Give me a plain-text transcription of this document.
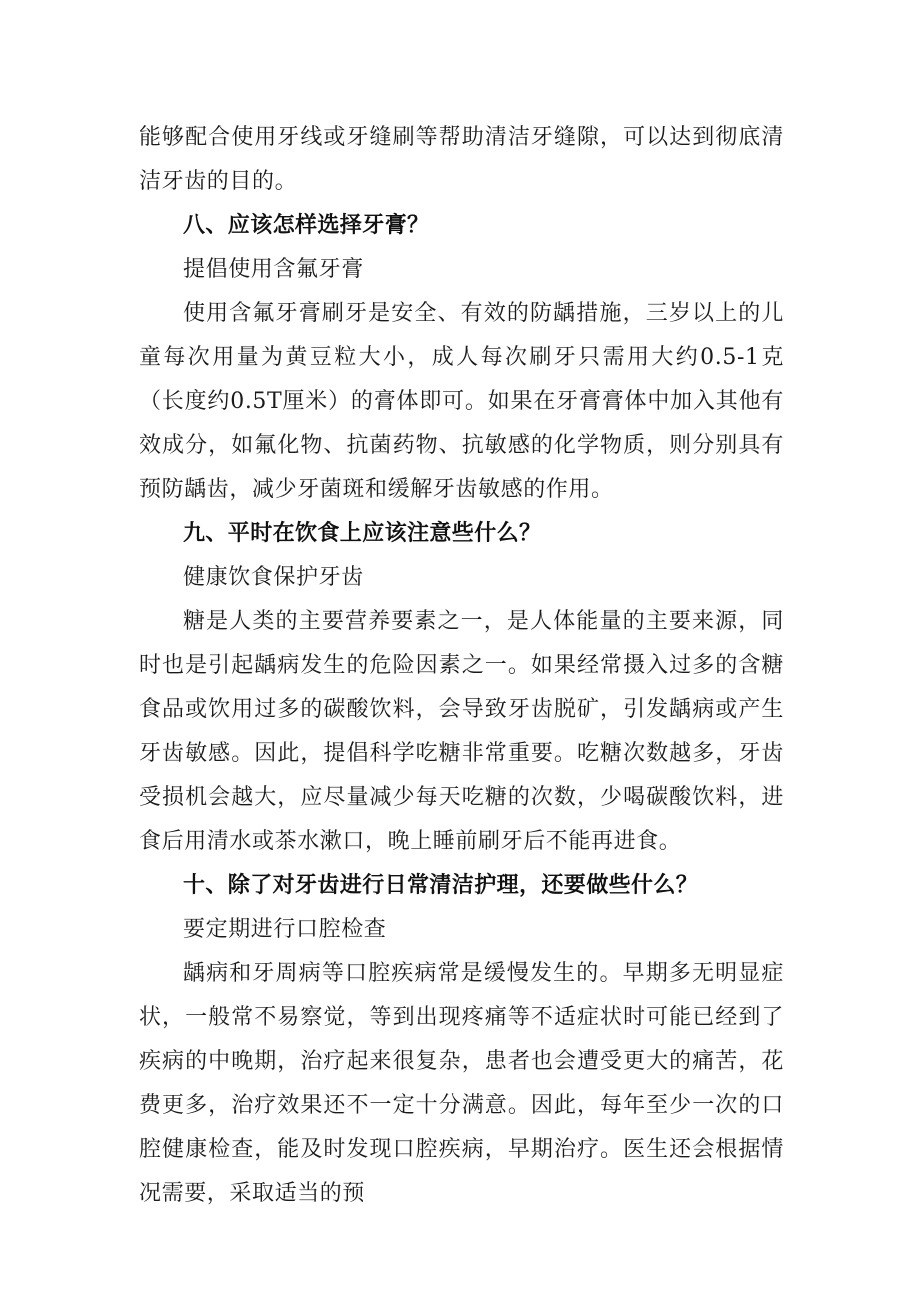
能够配合使用牙线或牙缝刷等帮助清洁牙缝隙，可以达到彻底清洁牙齿的目的。

八、应该怎样选择牙膏？

提倡使用含氟牙膏

使用含氟牙膏刷牙是安全、有效的防龋措施，三岁以上的儿童每次用量为黄豆粒大小，成人每次刷牙只需用大约0.5-1克（长度约0.5T厘米）的膏体即可。如果在牙膏膏体中加入其他有效成分，如氟化物、抗菌药物、抗敏感的化学物质，则分别具有预防龋齿，减少牙菌斑和缓解牙齿敏感的作用。

九、平时在饮食上应该注意些什么？

健康饮食保护牙齿

糖是人类的主要营养要素之一，是人体能量的主要来源，同时也是引起龋病发生的危险因素之一。如果经常摄入过多的含糖食品或饮用过多的碳酸饮料，会导致牙齿脱矿，引发龋病或产生牙齿敏感。因此，提倡科学吃糖非常重要。吃糖次数越多，牙齿受损机会越大，应尽量减少每天吃糖的次数，少喝碳酸饮料，进食后用清水或茶水漱口，晚上睡前刷牙后不能再进食。

十、除了对牙齿进行日常清洁护理，还要做些什么？

要定期进行口腔检查

龋病和牙周病等口腔疾病常是缓慢发生的。早期多无明显症状，一般常不易察觉，等到出现疼痛等不适症状时可能已经到了疾病的中晚期，治疗起来很复杂，患者也会遭受更大的痛苦，花费更多，治疗效果还不一定十分满意。因此，每年至少一次的口腔健康检查，能及时发现口腔疾病，早期治疗。医生还会根据情况需要，采取适当的预
